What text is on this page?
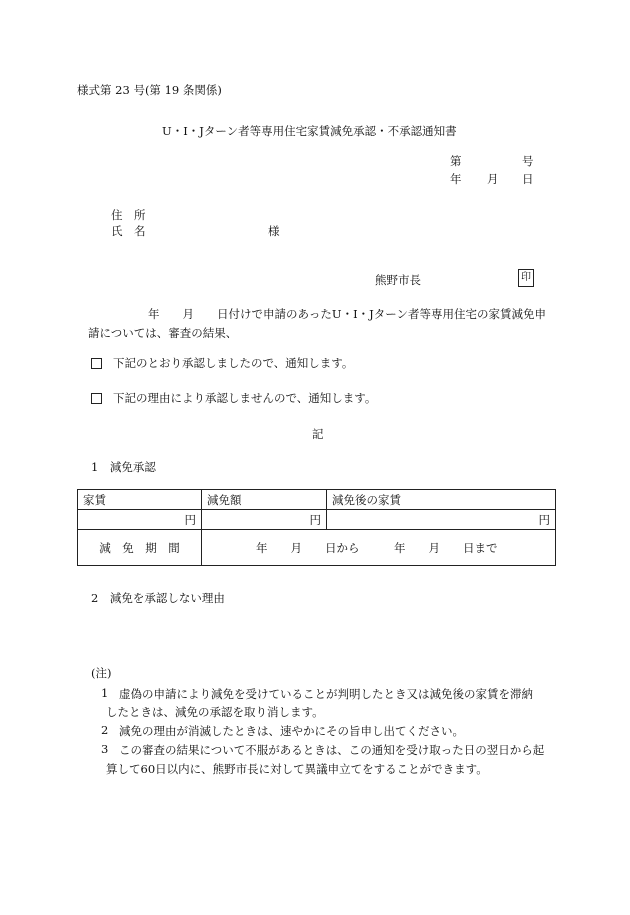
様式第 23 号(第 19 条関係)
U・I・Jターン者等専用住宅家賃減免承認・不承認通知書
第	号
年 月 日
住　所
氏　名	様
熊野市長	印
年　　月　　日付けで申請のあったU・I・Jターン者等専用住宅の家賃減免申
請については、審査の結果、
下記のとおり承認しましたので、通知します。
下記の理由により承認しませんので、通知します。
記
1　減免承認
家賃	減免額	減免後の家賃
円	円	円
減　免　期　間	年　　月　　日から　　　年　　月　　日まで	
2　減免を承認しない理由
(注)
1 虚偽の申請により減免を受けていることが判明したとき又は減免後の家賃を滞納
したときは、減免の承認を取り消します。
2 減免の理由が消滅したときは、速やかにその旨申し出てください。
3 この審査の結果について不服があるときは、この通知を受け取った日の翌日から起
算して60日以内に、熊野市長に対して異議申立てをすることができます。
